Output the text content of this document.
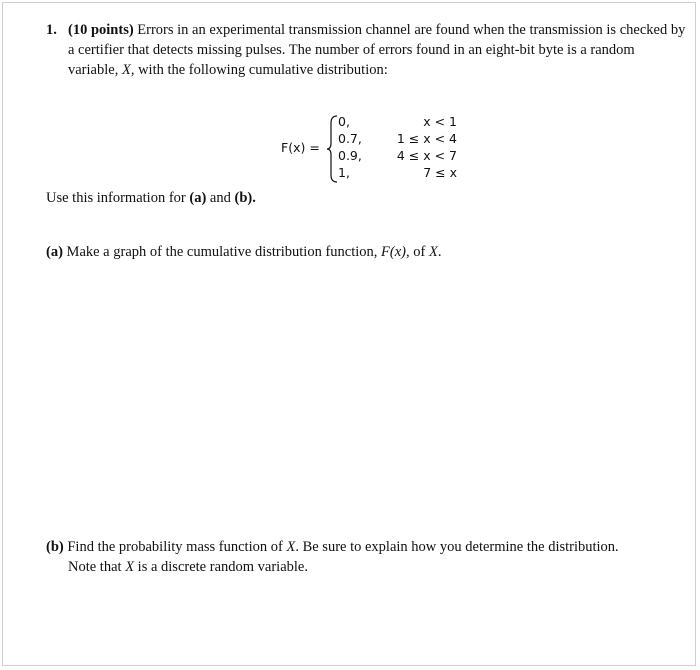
1. (10 points) Errors in an experimental transmission channel are found when the transmission is checked by a certifier that detects missing pulses. The number of errors found in an eight-bit byte is a random variable, X, with the following cumulative distribution:
F(x) =
0,
0.7,
0.9,
1,
x < 1
1 ≤ x < 4
4 ≤ x < 7
7 ≤ x
Use this information for (a) and (b).
(a) Make a graph of the cumulative distribution function, F(x), of X.
(b) Find the probability mass function of X. Be sure to explain how you determine the distribution.
Note that X is a discrete random variable.
